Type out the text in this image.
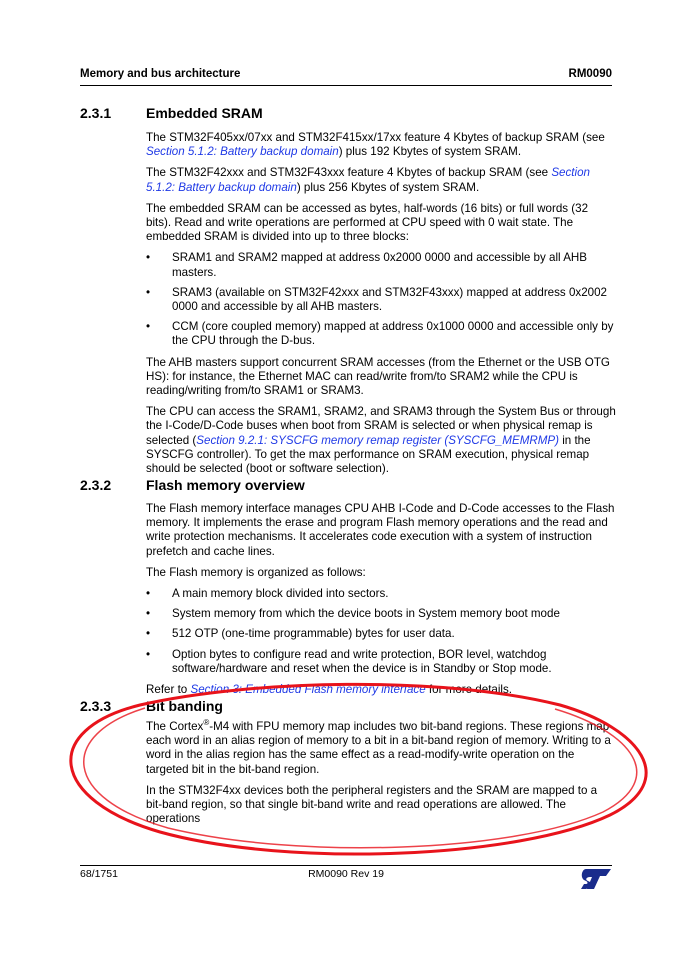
Memory and bus architecture	RM0090
2.3.1	Embedded SRAM

The STM32F405xx/07xx and STM32F415xx/17xx feature 4 Kbytes of backup SRAM (see Section 5.1.2: Battery backup domain) plus 192 Kbytes of system SRAM.

The STM32F42xxx and STM32F43xxx feature 4 Kbytes of backup SRAM (see Section 5.1.2: Battery backup domain) plus 256 Kbytes of system SRAM.

The embedded SRAM can be accessed as bytes, half-words (16 bits) or full words (32 bits). Read and write operations are performed at CPU speed with 0 wait state. The embedded SRAM is divided into up to three blocks:

• SRAM1 and SRAM2 mapped at address 0x2000 0000 and accessible by all AHB masters.
• SRAM3 (available on STM32F42xxx and STM32F43xxx) mapped at address 0x2002 0000 and accessible by all AHB masters.
• CCM (core coupled memory) mapped at address 0x1000 0000 and accessible only by the CPU through the D-bus.

The AHB masters support concurrent SRAM accesses (from the Ethernet or the USB OTG HS): for instance, the Ethernet MAC can read/write from/to SRAM2 while the CPU is reading/writing from/to SRAM1 or SRAM3.

The CPU can access the SRAM1, SRAM2, and SRAM3 through the System Bus or through the I-Code/D-Code buses when boot from SRAM is selected or when physical remap is selected (Section 9.2.1: SYSCFG memory remap register (SYSCFG_MEMRMP) in the SYSCFG controller). To get the max performance on SRAM execution, physical remap should be selected (boot or software selection).

2.3.2	Flash memory overview

The Flash memory interface manages CPU AHB I-Code and D-Code accesses to the Flash memory. It implements the erase and program Flash memory operations and the read and write protection mechanisms. It accelerates code execution with a system of instruction prefetch and cache lines.

The Flash memory is organized as follows:

• A main memory block divided into sectors.
• System memory from which the device boots in System memory boot mode
• 512 OTP (one-time programmable) bytes for user data.
• Option bytes to configure read and write protection, BOR level, watchdog software/hardware and reset when the device is in Standby or Stop mode.

Refer to Section 3: Embedded Flash memory interface for more details.

2.3.3	Bit banding

The Cortex®-M4 with FPU memory map includes two bit-band regions. These regions map each word in an alias region of memory to a bit in a bit-band region of memory. Writing to a word in the alias region has the same effect as a read-modify-write operation on the targeted bit in the bit-band region.

In the STM32F4xx devices both the peripheral registers and the SRAM are mapped to a bit-band region, so that single bit-band write and read operations are allowed. The operations

68/1751	RM0090 Rev 19
